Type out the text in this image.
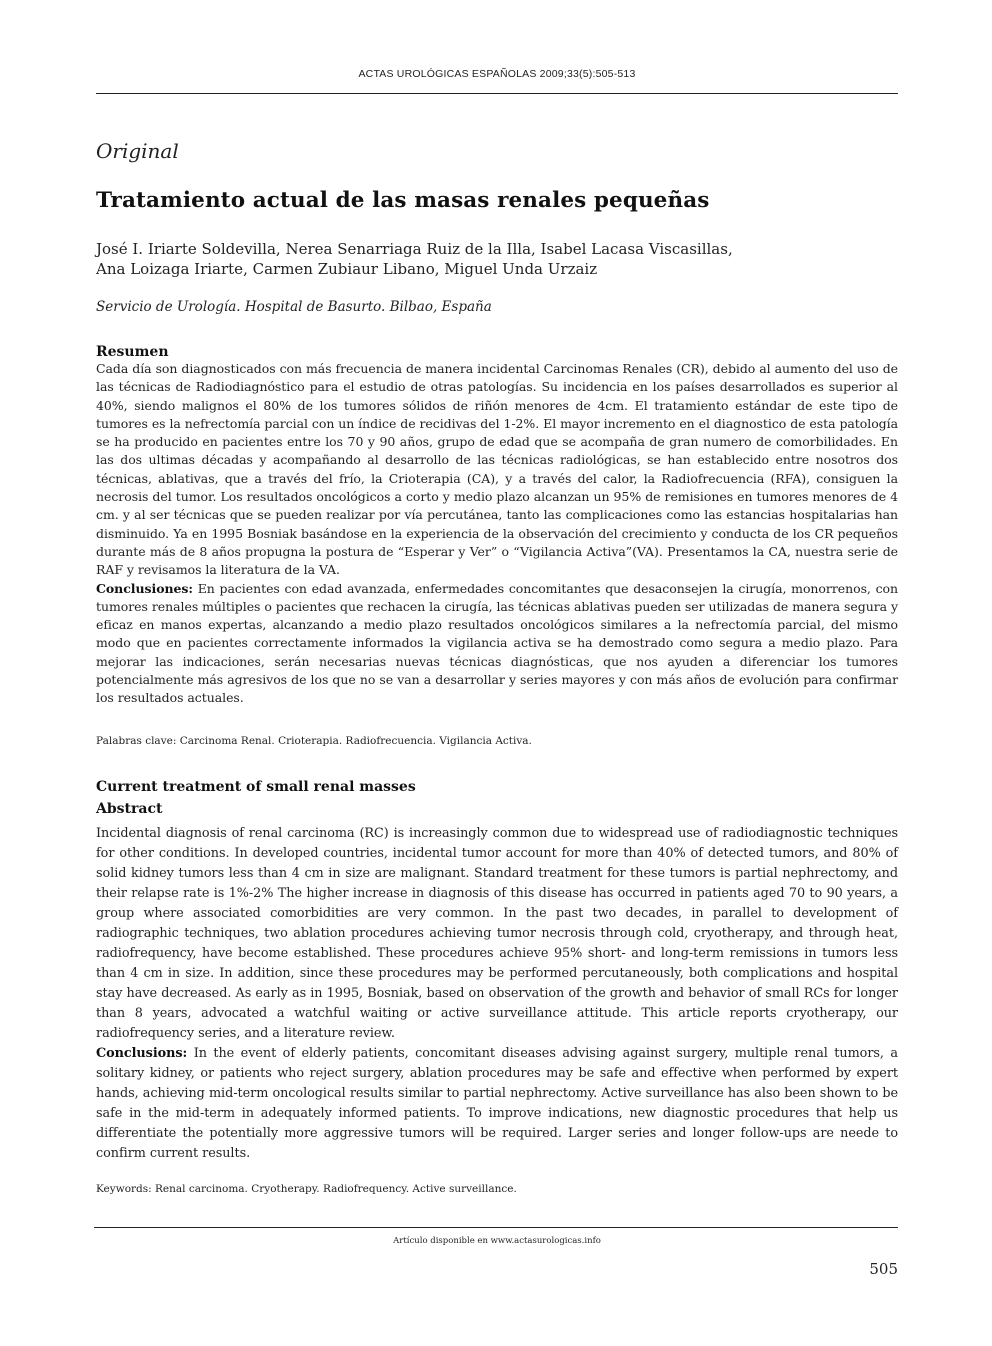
ACTAS UROLÓGICAS ESPAÑOLAS 2009;33(5):505-513
Original
Tratamiento actual de las masas renales pequeñas
José I. Iriarte Soldevilla, Nerea Senarriaga Ruiz de la Illa, Isabel Lacasa Viscasillas,
Ana Loizaga Iriarte, Carmen Zubiaur Libano, Miguel Unda Urzaiz

Servicio de Urología. Hospital de Basurto. Bilbao, España

Resumen

Cada día son diagnosticados con más frecuencia de manera incidental Carcinomas Renales (CR), debido al aumento del uso de las técnicas de Radiodiagnóstico para el estudio de otras patologías. Su incidencia en los países desarrollados es superior al 40%, siendo malignos el 80% de los tumores sólidos de riñón menores de 4cm. El tratamiento estándar de este tipo de tumores es la nefrectomía parcial con un índice de recidivas del 1-2%. El mayor incremento en el diagnostico de esta patología se ha producido en pacientes entre los 70 y 90 años, grupo de edad que se acompaña de gran numero de comorbilidades. En las dos ultimas décadas y acompañando al desarrollo de las técnicas radiológicas, se han establecido entre nosotros dos técnicas, ablativas, que a través del frío, la Crioterapia (CA), y a través del calor, la Radiofrecuencia (RFA), consiguen la necrosis del tumor. Los resultados oncológicos a corto y medio plazo alcanzan un 95% de remisiones en tumores menores de 4 cm. y al ser técnicas que se pueden realizar por vía percutánea, tanto las complicaciones como las estancias hospitalarias han disminuido. Ya en 1995 Bosniak basándose en la experiencia de la observación del crecimiento y conducta de los CR pequeños durante más de 8 años propugna la postura de “Esperar y Ver” o “Vigilancia Activa”(VA). Presentamos la CA, nuestra serie de RAF y revisamos la literatura de la VA.

Conclusiones: En pacientes con edad avanzada, enfermedades concomitantes que desaconsejen la cirugía, monorrenos, con tumores renales múltiples o pacientes que rechacen la cirugía, las técnicas ablativas pueden ser utilizadas de manera segura y eficaz en manos expertas, alcanzando a medio plazo resultados oncológicos similares a la nefrectomía parcial, del mismo modo que en pacientes correctamente informados la vigilancia activa se ha demostrado como segura a medio plazo. Para mejorar las indicaciones, serán necesarias nuevas técnicas diagnósticas, que nos ayuden a diferenciar los tumores potencialmente más agresivos de los que no se van a desarrollar y series mayores y con más años de evolución para confirmar los resultados actuales.

Palabras clave: Carcinoma Renal. Crioterapia. Radiofrecuencia. Vigilancia Activa.

Current treatment of small renal masses
Abstract

Incidental diagnosis of renal carcinoma (RC) is increasingly common due to widespread use of radiodiagnostic techniques for other conditions. In developed countries, incidental tumor account for more than 40% of detected tumors, and 80% of solid kidney tumors less than 4 cm in size are malignant. Standard treatment for these tumors is partial nephrectomy, and their relapse rate is 1%-2% The higher increase in diagnosis of this disease has occurred in patients aged 70 to 90 years, a group where associated comorbidities are very common. In the past two decades, in parallel to development of radiographic techniques, two ablation procedures achieving tumor necrosis through cold, cryotherapy, and through heat, radiofrequency, have become established. These procedures achieve 95% short- and long-term remissions in tumors less than 4 cm in size. In addition, since these procedures may be performed percutaneously, both complications and hospital stay have decreased. As early as in 1995, Bosniak, based on observation of the growth and behavior of small RCs for longer than 8 years, advocated a watchful waiting or active surveillance attitude. This article reports cryotherapy, our radiofrequency series, and a literature review.

Conclusions: In the event of elderly patients, concomitant diseases advising against surgery, multiple renal tumors, a solitary kidney, or patients who reject surgery, ablation procedures may be safe and effective when performed by expert hands, achieving mid-term oncological results similar to partial nephrectomy. Active surveillance has also been shown to be safe in the mid-term in adequately informed patients. To improve indications, new diagnostic procedures that help us differentiate the potentially more aggressive tumors will be required. Larger series and longer follow-ups are neede to confirm current results.

Keywords: Renal carcinoma. Cryotherapy. Radiofrequency. Active surveillance.

Artículo disponible en www.actasurologicas.info
505
